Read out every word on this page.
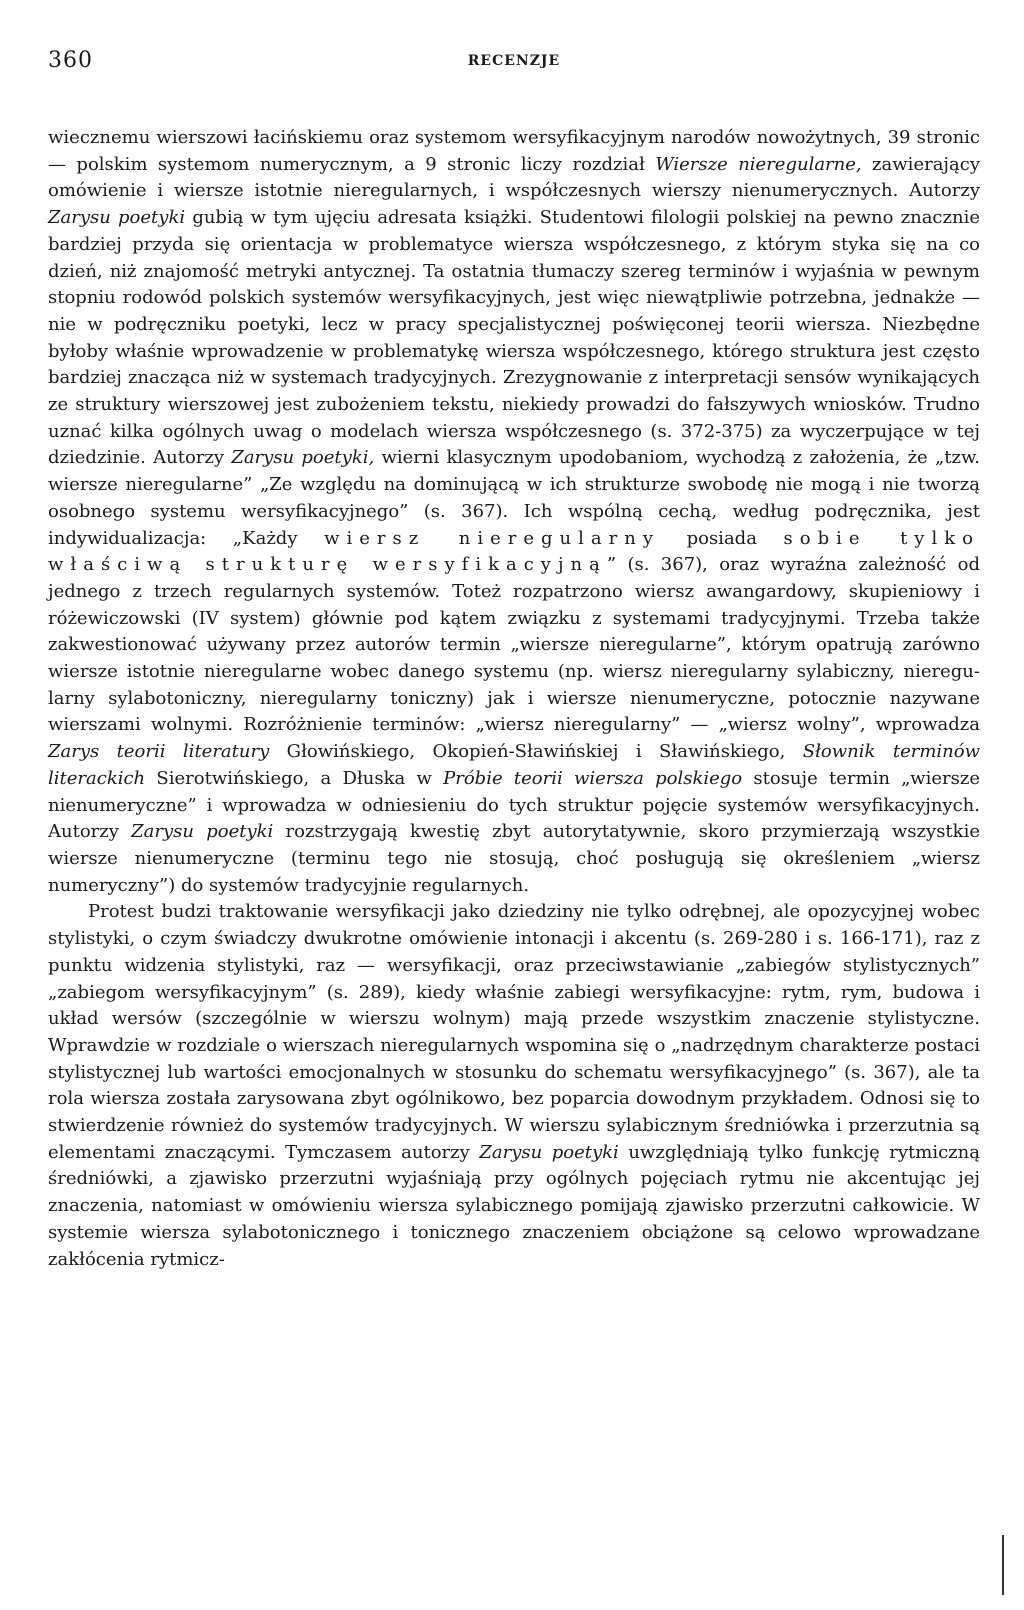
360	RECENZJE

wiecznemu wierszowi łacińskiemu oraz systemom wersyfikacyjnym narodów nowożytnych, 39 stronic — polskim systemom numerycznym, a 9 stronic liczy rozdział Wiersze nieregularne, zawierający omówienie i wiersze istotnie nieregularnych, i współczesnych wierszy nienumerycznych. Autorzy Zarysu poetyki gubią w tym ujęciu adresata książki. Studentowi filologii polskiej na pewno znacznie bardziej przyda się orientacja w problematyce wiersza współczesnego, z którym styka się na co dzień, niż znajomość metryki antycznej. Ta ostatnia tłumaczy szereg terminów i wyjaśnia w pewnym stopniu rodowód polskich systemów wersyfikacyjnych, jest więc niewątpliwie potrzebna, jednakże — nie w podręczniku poetyki, lecz w pracy specjalistycznej poświęconej teorii wiersza. Niezbędne byłoby właśnie wprowadzenie w problematykę wiersza współczesnego, którego struktura jest często bardziej znacząca niż w systemach tradycyjnych. Zrezygnowanie z interpretacji sensów wynikających ze struktury wierszowej jest zubożeniem tekstu, niekiedy prowadzi do fałszywych wniosków. Trudno uznać kilka ogólnych uwag o modelach wiersza współczesnego (s. 372-375) za wyczerpujące w tej dziedzinie. Autorzy Zarysu poetyki, wierni klasycznym upodobaniom, wychodzą z założenia, że „tzw. wiersze nieregularne” „Ze względu na dominującą w ich strukturze swobodę nie mogą i nie tworzą osobnego systemu wersyfikacyjnego” (s. 367). Ich wspólną cechą, według podręcznika, jest indywidualizacja: „Każdy wiersz nieregularny posiada sobie tylko właściwą strukturę wersyfikacyjną” (s. 367), oraz wyraźna zależność od jednego z trzech regularnych systemów. Toteż rozpatrzono wiersz awangardowy, skupieniowy i różewiczowski (IV system) głównie pod kątem związku z systemami tradycyjnymi. Trzeba także zakwestionować używany przez autorów termin „wiersze nieregularne”, którym opatrują zarówno wiersze istotnie nieregularne wobec danego systemu (np. wiersz nieregularny sylabiczny, nieregularny sylabotoniczny, nieregularny toniczny) jak i wiersze nienumeryczne, potocznie nazywane wierszami wolnymi. Rozróżnienie terminów: „wiersz nieregularny” — „wiersz wolny”, wprowadza Zarys teorii literatury Głowińskiego, Okopień-Sławińskiej i Sławińskiego, Słownik terminów literackich Sierotwińskiego, a Dłuska w Próbie teorii wiersza polskiego stosuje termin „wiersze nienumeryczne” i wprowadza w odniesieniu do tych struktur pojęcie systemów wersyfikacyjnych. Autorzy Zarysu poetyki rozstrzygają kwestię zbyt autorytatywnie, skoro przymierzają wszystkie wiersze nienumeryczne (terminu tego nie stosują, choć posługują się określeniem „wiersz numeryczny”) do systemów tradycyjnie regularnych.

Protest budzi traktowanie wersyfikacji jako dziedziny nie tylko odrębnej, ale opozycyjnej wobec stylistyki, o czym świadczy dwukrotne omówienie intonacji i akcentu (s. 269-280 i s. 166-171), raz z punktu widzenia stylistyki, raz — wersyfikacji, oraz przeciwstawianie „zabiegów stylistycznych” „zabiegom wersyfikacyjnym” (s. 289), kiedy właśnie zabiegi wersyfikacyjne: rytm, rym, budowa i układ wersów (szczególnie w wierszu wolnym) mają przede wszystkim znaczenie stylistyczne. Wprawdzie w rozdziale o wierszach nieregularnych wspomina się o „nadrzędnym charakterze postaci stylistycznej lub wartości emocjonalnych w stosunku do schematu wersyfikacyjnego” (s. 367), ale ta rola wiersza została zarysowana zbyt ogólnikowo, bez poparcia dowodnym przykładem. Odnosi się to stwierdzenie również do systemów tradycyjnych. W wierszu sylabicznym średniówka i przerzutnia są elementami znaczącymi. Tymczasem autorzy Zarysu poetyki uwzględniają tylko funkcję rytmiczną średniówki, a zjawisko przerzutni wyjaśniają przy ogólnych pojęciach rytmu nie akcentując jej znaczenia, natomiast w omówieniu wiersza sylabicznego pomijają zjawisko przerzutni całkowicie. W systemie wiersza sylabotonicznego i tonicznego znaczeniem obciążone są celowo wprowadzane zakłócenia rytmicz-
